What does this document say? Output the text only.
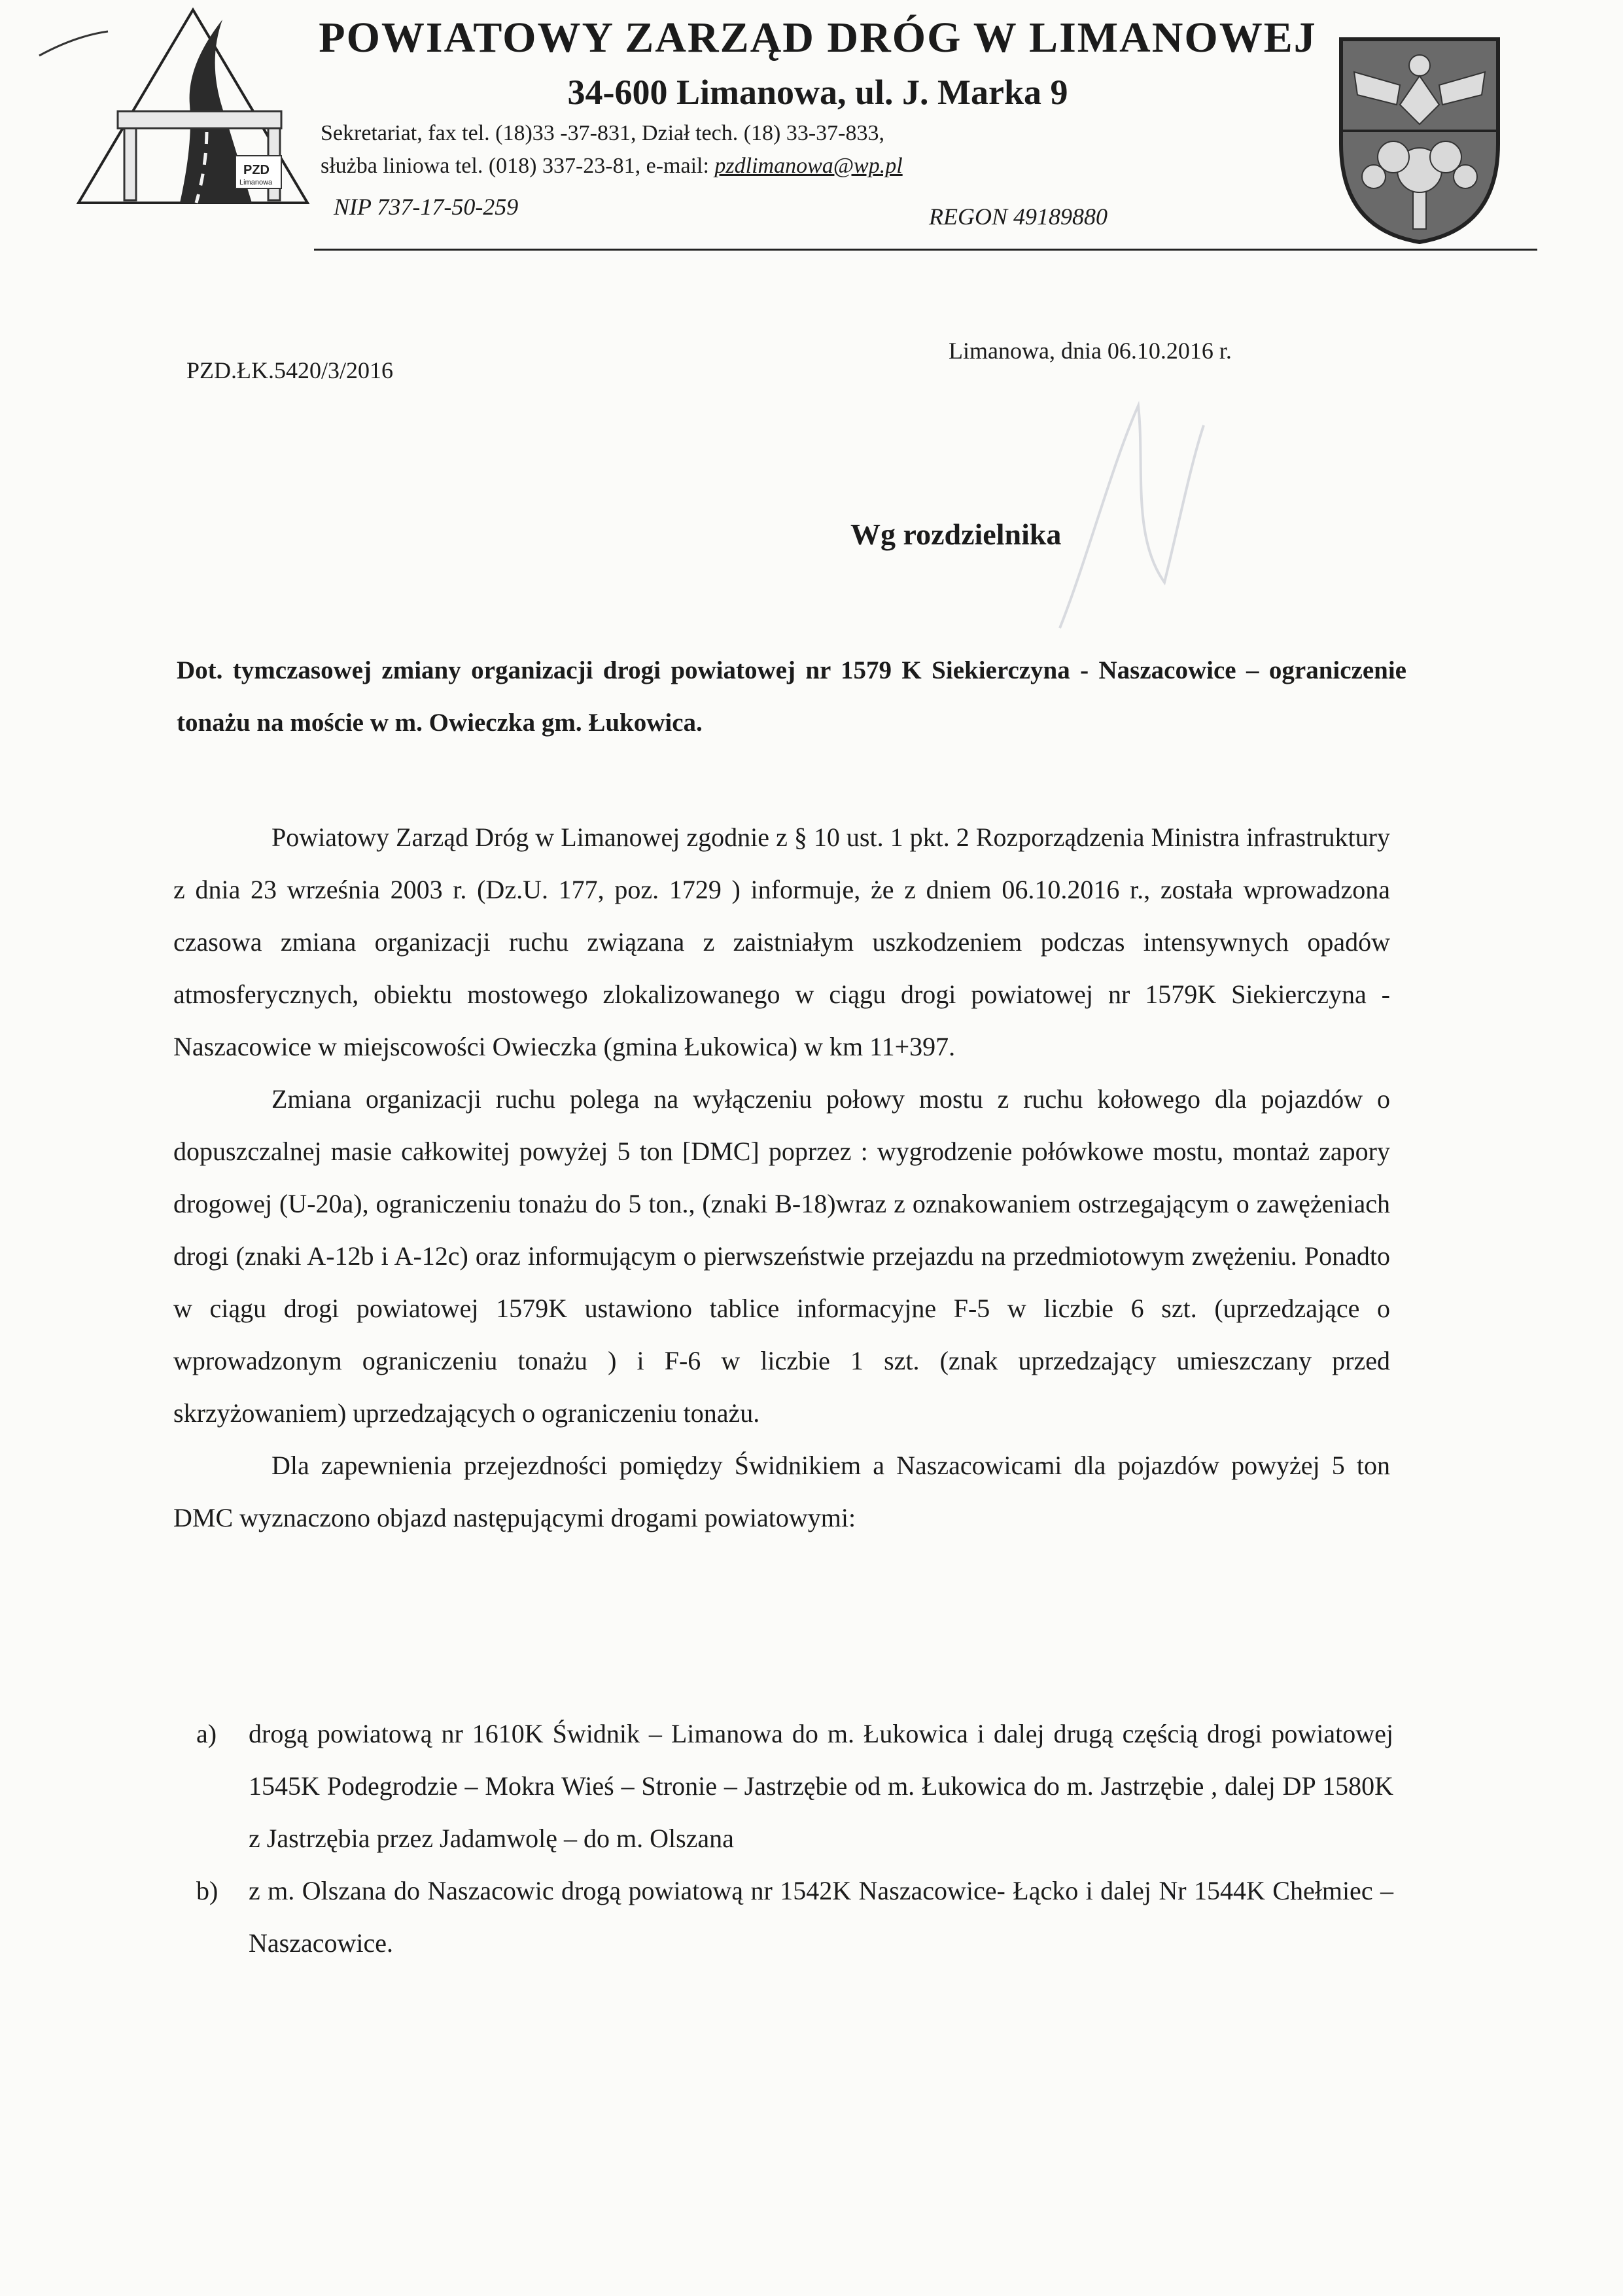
PZD
Limanowa
POWIATOWY ZARZĄD DRÓG W LIMANOWEJ
34-600 Limanowa, ul. J. Marka 9
Sekretariat, fax tel. (18)33 -37-831, Dział tech. (18) 33-37-833,
służba liniowa tel. (018) 337-23-81, e-mail: pzdlimanowa@wp.pl
NIP 737-17-50-259	REGON 49189880
PZD.ŁK.5420/3/2016
Limanowa, dnia 06.10.2016 r.
Wg rozdzielnika
Dot. tymczasowej zmiany organizacji drogi powiatowej nr 1579 K Siekierczyna - Naszacowice – ograniczenie tonażu na moście w m. Owieczka gm. Łukowica.

Powiatowy Zarząd Dróg w Limanowej zgodnie z § 10 ust. 1 pkt. 2 Rozporządzenia Ministra infrastruktury z dnia 23 września 2003 r. (Dz.U. 177, poz. 1729 ) informuje, że z dniem 06.10.2016 r., została wprowadzona czasowa zmiana organizacji ruchu związana z zaistniałym uszkodzeniem podczas intensywnych opadów atmosferycznych, obiektu mostowego zlokalizowanego w ciągu drogi powiatowej nr 1579K Siekierczyna - Naszacowice w miejscowości Owieczka (gmina Łukowica) w km 11+397.

Zmiana organizacji ruchu polega na wyłączeniu połowy mostu z ruchu kołowego dla pojazdów o dopuszczalnej masie całkowitej powyżej 5 ton [DMC] poprzez : wygrodzenie połówkowe mostu, montaż zapory drogowej (U-20a), ograniczeniu tonażu do 5 ton., (znaki B-18)wraz z oznakowaniem ostrzegającym o zawężeniach drogi (znaki A-12b i A-12c) oraz informującym o pierwszeństwie przejazdu na przedmiotowym zwężeniu. Ponadto w ciągu drogi powiatowej 1579K ustawiono tablice informacyjne F-5 w liczbie 6 szt. (uprzedzające o wprowadzonym ograniczeniu tonażu ) i F-6 w liczbie 1 szt. (znak uprzedzający umieszczany przed skrzyżowaniem) uprzedzających o ograniczeniu tonażu.

Dla zapewnienia przejezdności pomiędzy Świdnikiem a Naszacowicami dla pojazdów powyżej 5 ton DMC wyznaczono objazd następującymi drogami powiatowymi:

a)	drogą powiatową nr 1610K Świdnik – Limanowa do m. Łukowica i dalej drugą częścią drogi powiatowej 1545K Podegrodzie – Mokra Wieś – Stronie – Jastrzębie od m. Łukowica do m. Jastrzębie , dalej DP 1580K z Jastrzębia przez Jadamwolę – do m. Olszana
b)	z m. Olszana do Naszacowic drogą powiatową nr 1542K Naszacowice- Łącko i dalej Nr 1544K Chełmiec –Naszacowice.
